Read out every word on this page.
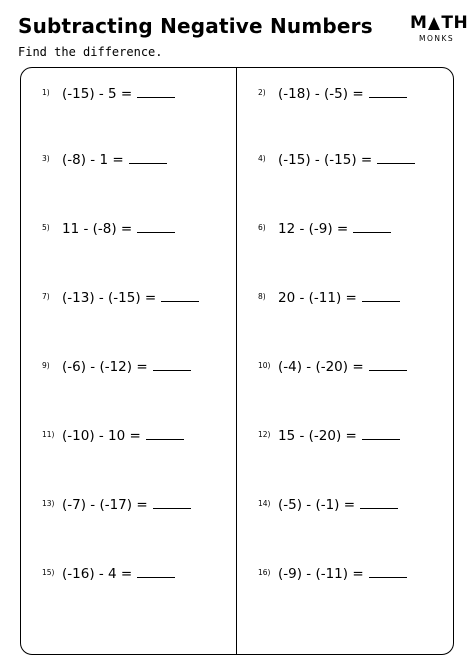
Subtracting Negative Numbers
Find the difference.
M TH
MONKS
1) (-15) - 5 =	2) (-18) - (-5) =
3) (-8) - 1 =	4) (-15) - (-15) =
5) 11 - (-8) =	6) 12 - (-9) =
7) (-13) - (-15) =	8) 20 - (-11) =
9) (-6) - (-12) =	10) (-4) - (-20) =
11) (-10) - 10 =	12) 15 - (-20) =
13) (-7) - (-17) =	14) (-5) - (-1) =
15) (-16) - 4 =	16) (-9) - (-11) =
